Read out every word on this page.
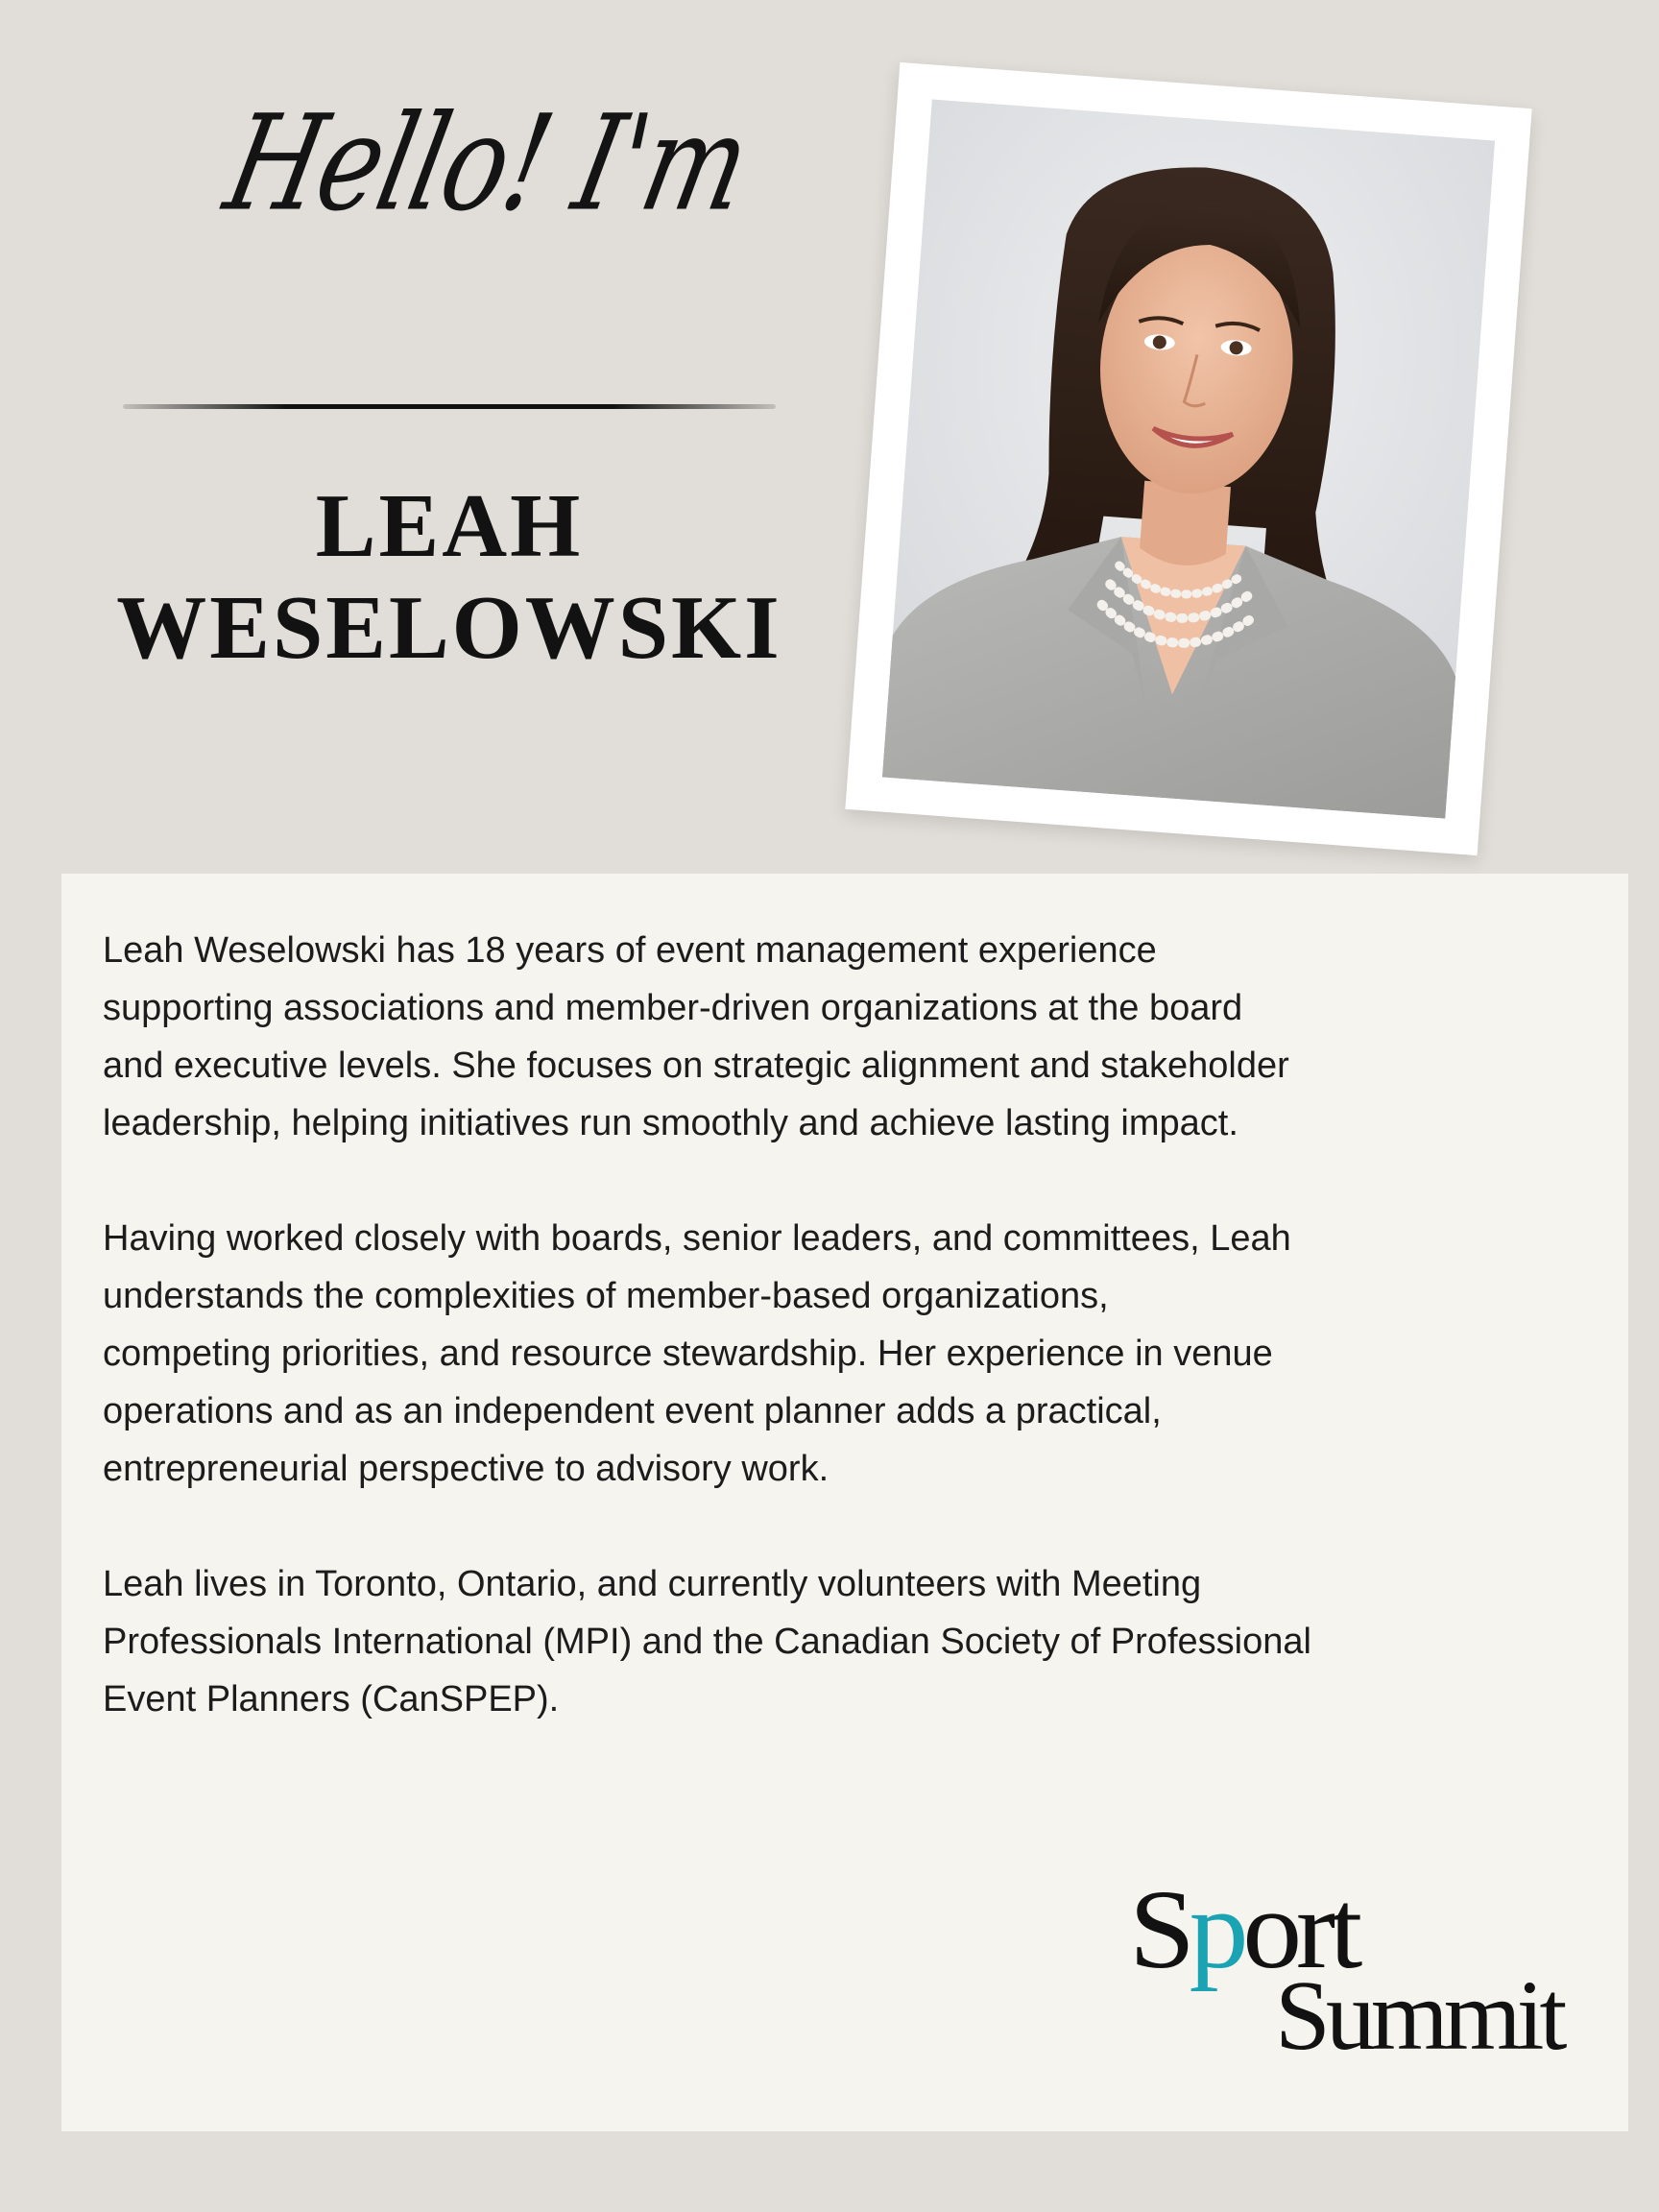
Hello! I'm
LEAH
WESELOWSKI

Leah Weselowski has 18 years of event management experience
supporting associations and member-driven organizations at the board
and executive levels. She focuses on strategic alignment and stakeholder
leadership, helping initiatives run smoothly and achieve lasting impact.

Having worked closely with boards, senior leaders, and committees, Leah
understands the complexities of member-based organizations,
competing priorities, and resource stewardship. Her experience in venue
operations and as an independent event planner adds a practical,
entrepreneurial perspective to advisory work.

Leah lives in Toronto, Ontario, and currently volunteers with Meeting
Professionals International (MPI) and the Canadian Society of Professional
Event Planners (CanSPEP).

Sport
Summit
